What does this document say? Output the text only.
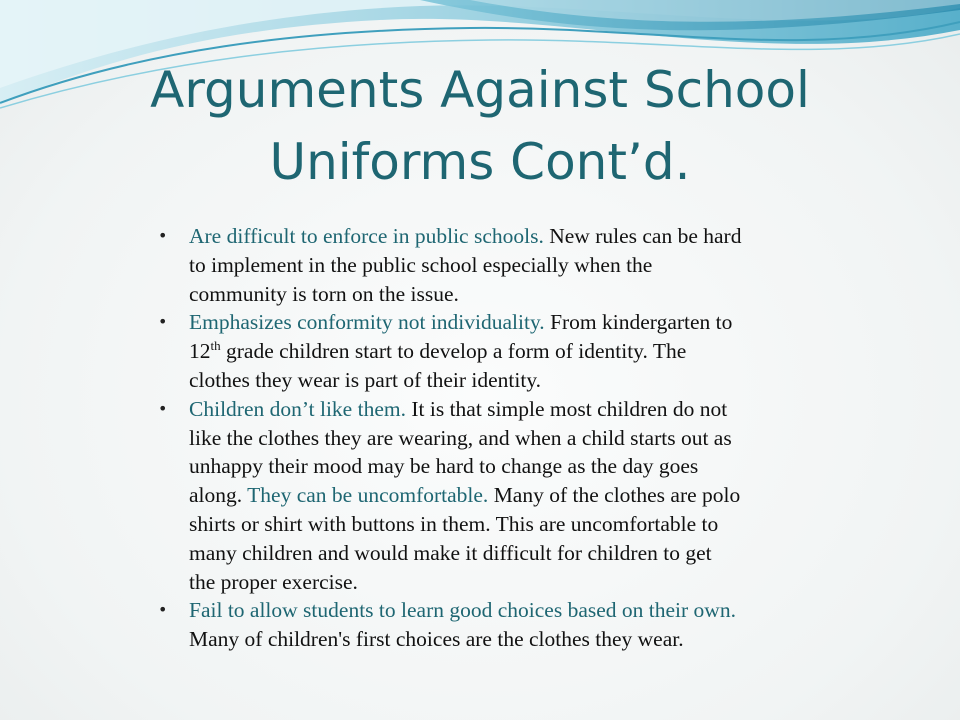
Arguments Against School
Uniforms Cont’d.
• Are difficult to enforce in public schools. New rules can be hard
to implement in the public school especially when the
community is torn on the issue.
• Emphasizes conformity not individuality. From kindergarten to
12th grade children start to develop a form of identity. The
clothes they wear is part of their identity.
• Children don’t like them. It is that simple most children do not
like the clothes they are wearing, and when a child starts out as
unhappy their mood may be hard to change as the day goes
along. They can be uncomfortable. Many of the clothes are polo
shirts or shirt with buttons in them. This are uncomfortable to
many children and would make it difficult for children to get
the proper exercise.
• Fail to allow students to learn good choices based on their own.
Many of children's first choices are the clothes they wear.
